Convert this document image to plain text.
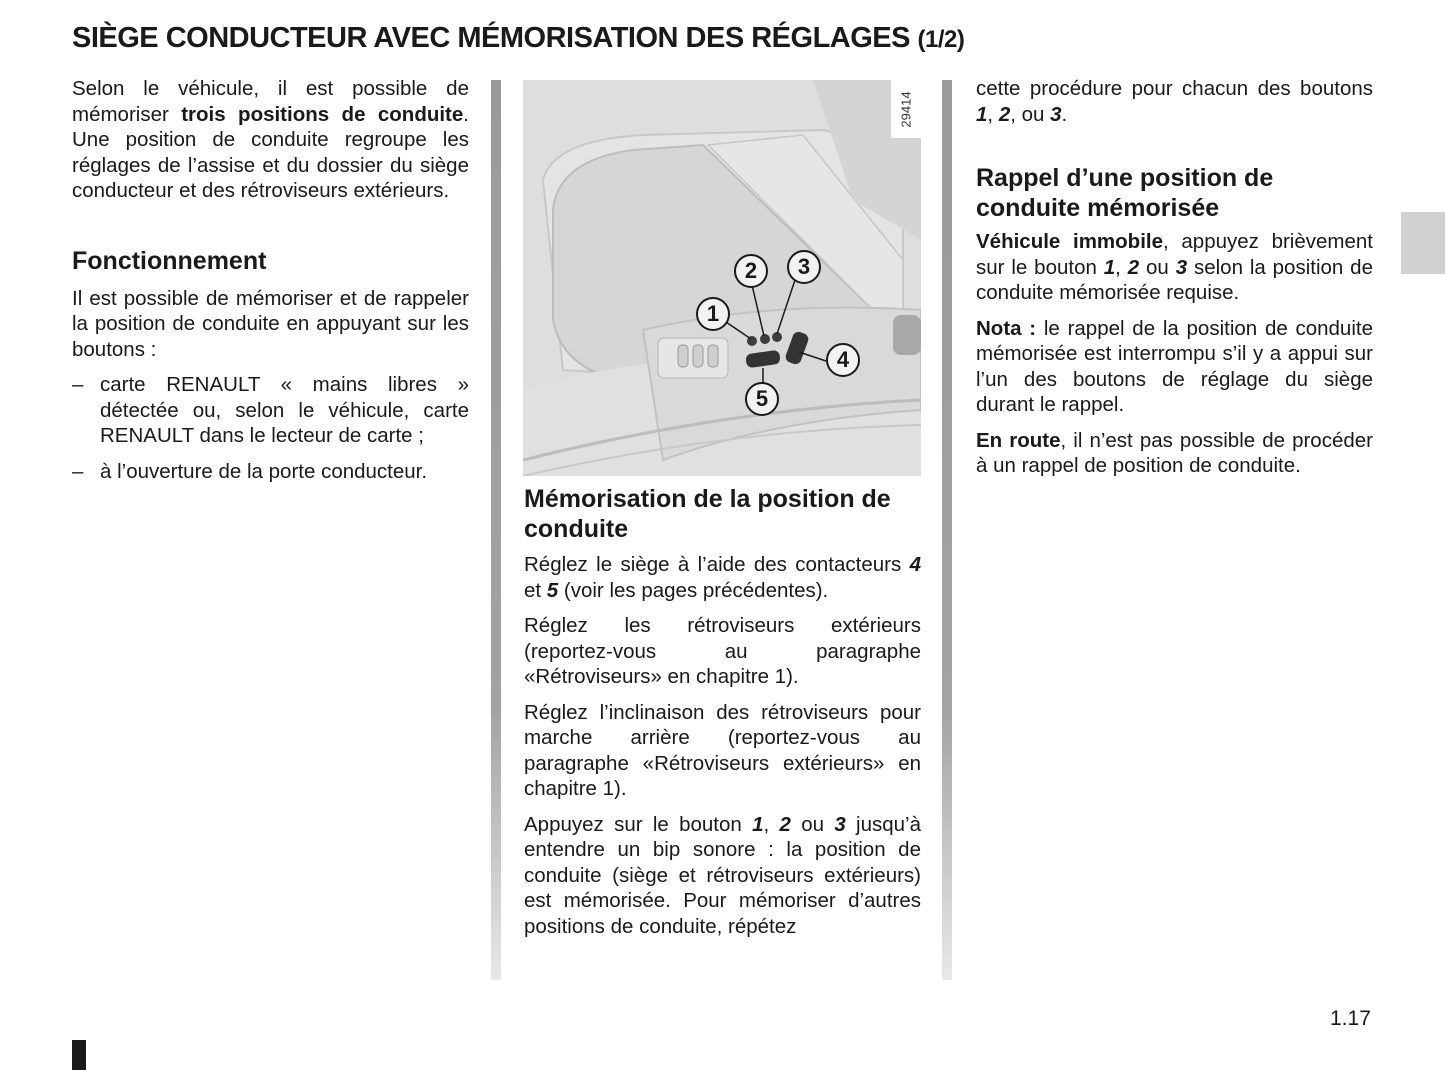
SIÈGE CONDUCTEUR AVEC MÉMORISATION DES RÉGLAGES (1/2)

Selon le véhicule, il est possible de mémoriser trois positions de conduite. Une position de conduite regroupe les réglages de l’assise et du dossier du siège conducteur et des rétroviseurs extérieurs.

Fonctionnement

Il est possible de mémoriser et de rappeler la position de conduite en appuyant sur les boutons :

– carte RENAULT « mains libres » détectée ou, selon le véhicule, carte RENAULT dans le lecteur de carte ;
– à l’ouverture de la porte conducteur.
1
2	3
4
5
29414
Mémorisation de la position de conduite

Réglez le siège à l’aide des contacteurs 4 et 5 (voir les pages précédentes).

Réglez les rétroviseurs extérieurs (reportez-vous au paragraphe «Rétroviseurs» en chapitre 1).

Réglez l’inclinaison des rétroviseurs pour marche arrière (reportez-vous au paragraphe «Rétroviseurs extérieurs» en chapitre 1).

Appuyez sur le bouton 1, 2 ou 3 jusqu’à entendre un bip sonore : la position de conduite (siège et rétroviseurs extérieurs) est mémorisée. Pour mémoriser d’autres positions de conduite, répétez

cette procédure pour chacun des boutons 1, 2, ou 3.

Rappel d’une position de conduite mémorisée

Véhicule immobile, appuyez brièvement sur le bouton 1, 2 ou 3 selon la position de conduite mémorisée requise.

Nota : le rappel de la position de conduite mémorisée est interrompu s’il y a appui sur l’un des boutons de réglage du siège durant le rappel.

En route, il n’est pas possible de procéder à un rappel de position de conduite.

1.17
